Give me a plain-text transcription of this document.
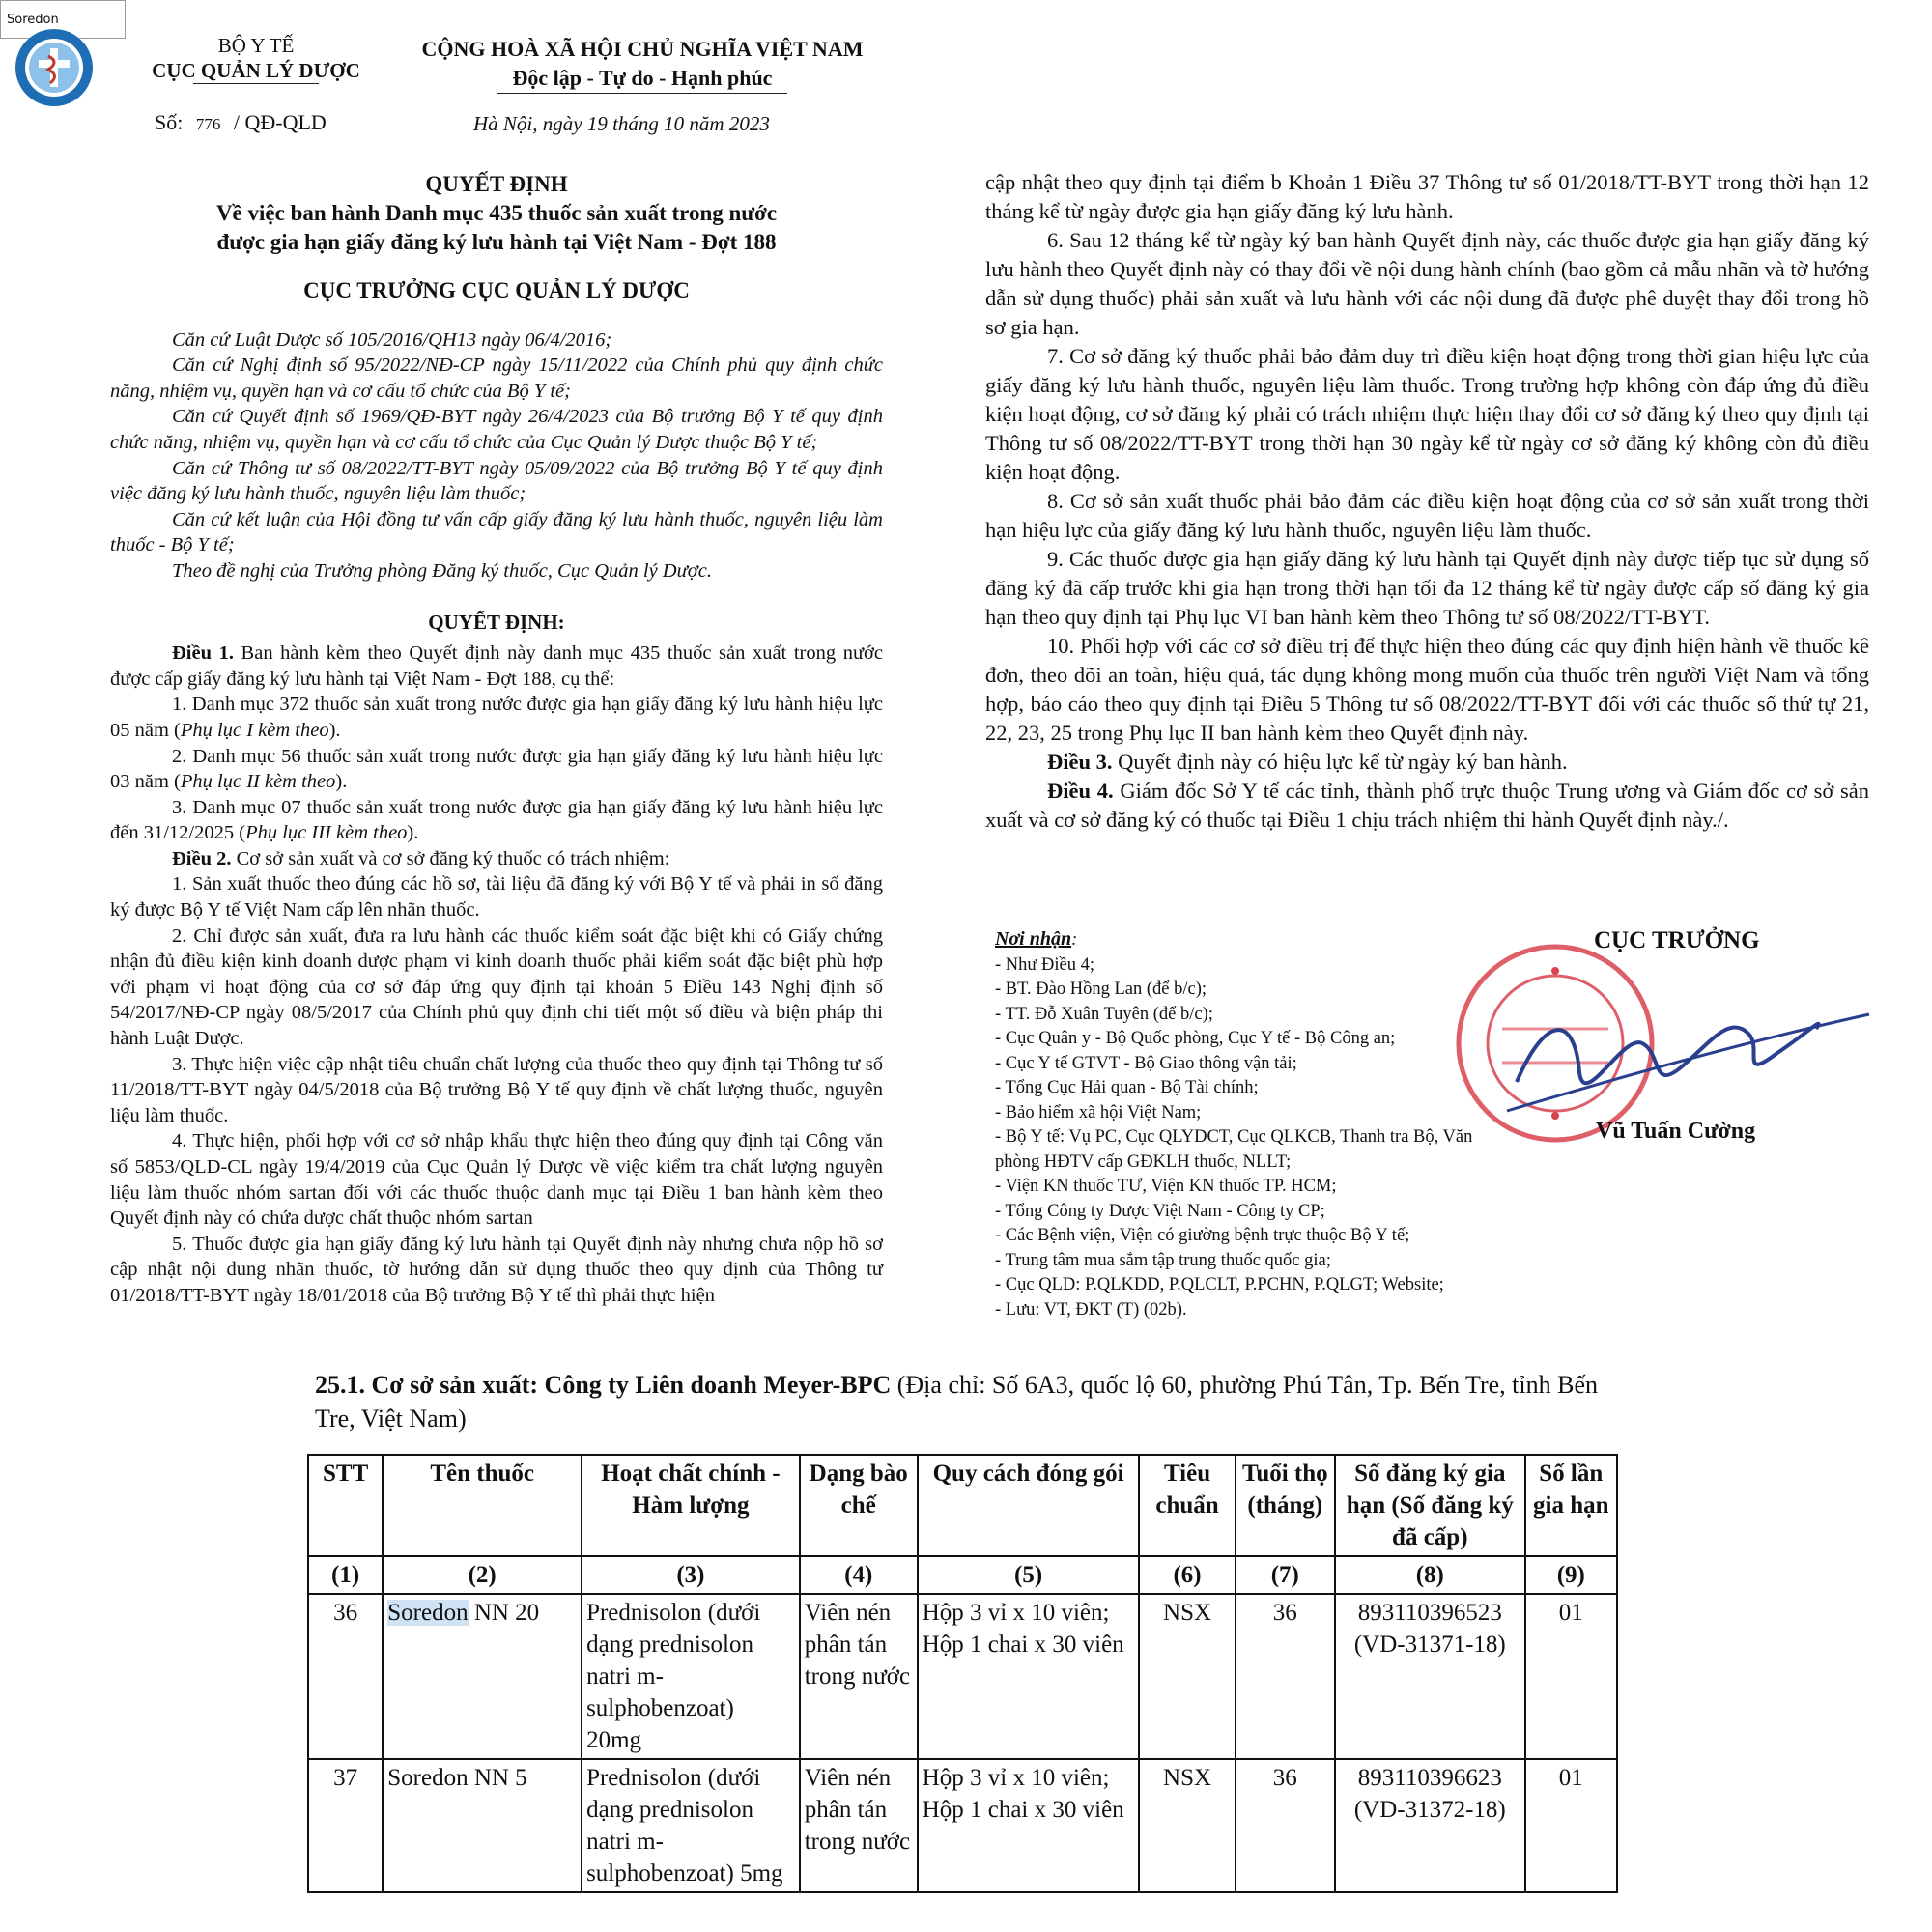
Soredon
BỘ Y TẾ
CỤC QUẢN LÝ DƯỢC
Số: 776 / QĐ-QLD
CỘNG HOÀ XÃ HỘI CHỦ NGHĨA VIỆT NAM
Độc lập - Tự do - Hạnh phúc
Hà Nội, ngày 19 tháng 10 năm 2023
QUYẾT ĐỊNH
Về việc ban hành Danh mục 435 thuốc sản xuất trong nước
được gia hạn giấy đăng ký lưu hành tại Việt Nam - Đợt 188
CỤC TRƯỞNG CỤC QUẢN LÝ DƯỢC

Căn cứ Luật Dược số 105/2016/QH13 ngày 06/4/2016;

Căn cứ Nghị định số 95/2022/NĐ-CP ngày 15/11/2022 của Chính phủ quy định chức năng, nhiệm vụ, quyền hạn và cơ cấu tổ chức của Bộ Y tế;

Căn cứ Quyết định số 1969/QĐ-BYT ngày 26/4/2023 của Bộ trưởng Bộ Y tế quy định chức năng, nhiệm vụ, quyền hạn và cơ cấu tổ chức của Cục Quản lý Dược thuộc Bộ Y tế;

Căn cứ Thông tư số 08/2022/TT-BYT ngày 05/09/2022 của Bộ trưởng Bộ Y tế quy định việc đăng ký lưu hành thuốc, nguyên liệu làm thuốc;

Căn cứ kết luận của Hội đồng tư vấn cấp giấy đăng ký lưu hành thuốc, nguyên liệu làm thuốc - Bộ Y tế;

Theo đề nghị của Trưởng phòng Đăng ký thuốc, Cục Quản lý Dược.

QUYẾT ĐỊNH:

Điều 1. Ban hành kèm theo Quyết định này danh mục 435 thuốc sản xuất trong nước được cấp giấy đăng ký lưu hành tại Việt Nam - Đợt 188, cụ thể:

1. Danh mục 372 thuốc sản xuất trong nước được gia hạn giấy đăng ký lưu hành hiệu lực 05 năm (Phụ lục I kèm theo).

2. Danh mục 56 thuốc sản xuất trong nước được gia hạn giấy đăng ký lưu hành hiệu lực 03 năm (Phụ lục II kèm theo).

3. Danh mục 07 thuốc sản xuất trong nước được gia hạn giấy đăng ký lưu hành hiệu lực đến 31/12/2025 (Phụ lục III kèm theo).

Điều 2. Cơ sở sản xuất và cơ sở đăng ký thuốc có trách nhiệm:

1. Sản xuất thuốc theo đúng các hồ sơ, tài liệu đã đăng ký với Bộ Y tế và phải in số đăng ký được Bộ Y tế Việt Nam cấp lên nhãn thuốc.

2. Chỉ được sản xuất, đưa ra lưu hành các thuốc kiểm soát đặc biệt khi có Giấy chứng nhận đủ điều kiện kinh doanh dược phạm vi kinh doanh thuốc phải kiểm soát đặc biệt phù hợp với phạm vi hoạt động của cơ sở đáp ứng quy định tại khoản 5 Điều 143 Nghị định số 54/2017/NĐ-CP ngày 08/5/2017 của Chính phủ quy định chi tiết một số điều và biện pháp thi hành Luật Dược.

3. Thực hiện việc cập nhật tiêu chuẩn chất lượng của thuốc theo quy định tại Thông tư số 11/2018/TT-BYT ngày 04/5/2018 của Bộ trưởng Bộ Y tế quy định về chất lượng thuốc, nguyên liệu làm thuốc.

4. Thực hiện, phối hợp với cơ sở nhập khẩu thực hiện theo đúng quy định tại Công văn số 5853/QLD-CL ngày 19/4/2019 của Cục Quản lý Dược về việc kiểm tra chất lượng nguyên liệu làm thuốc nhóm sartan đối với các thuốc thuộc danh mục tại Điều 1 ban hành kèm theo Quyết định này có chứa dược chất thuộc nhóm sartan

5. Thuốc được gia hạn giấy đăng ký lưu hành tại Quyết định này nhưng chưa nộp hồ sơ cập nhật nội dung nhãn thuốc, tờ hướng dẫn sử dụng thuốc theo quy định của Thông tư 01/2018/TT-BYT ngày 18/01/2018 của Bộ trưởng Bộ Y tế thì phải thực hiện

cập nhật theo quy định tại điểm b Khoản 1 Điều 37 Thông tư số 01/2018/TT-BYT trong thời hạn 12 tháng kể từ ngày được gia hạn giấy đăng ký lưu hành.

6. Sau 12 tháng kể từ ngày ký ban hành Quyết định này, các thuốc được gia hạn giấy đăng ký lưu hành theo Quyết định này có thay đổi về nội dung hành chính (bao gồm cả mẫu nhãn và tờ hướng dẫn sử dụng thuốc) phải sản xuất và lưu hành với các nội dung đã được phê duyệt thay đổi trong hồ sơ gia hạn.

7. Cơ sở đăng ký thuốc phải bảo đảm duy trì điều kiện hoạt động trong thời gian hiệu lực của giấy đăng ký lưu hành thuốc, nguyên liệu làm thuốc. Trong trường hợp không còn đáp ứng đủ điều kiện hoạt động, cơ sở đăng ký phải có trách nhiệm thực hiện thay đổi cơ sở đăng ký theo quy định tại Thông tư số 08/2022/TT-BYT trong thời hạn 30 ngày kể từ ngày cơ sở đăng ký không còn đủ điều kiện hoạt động.

8. Cơ sở sản xuất thuốc phải bảo đảm các điều kiện hoạt động của cơ sở sản xuất trong thời hạn hiệu lực của giấy đăng ký lưu hành thuốc, nguyên liệu làm thuốc.

9. Các thuốc được gia hạn giấy đăng ký lưu hành tại Quyết định này được tiếp tục sử dụng số đăng ký đã cấp trước khi gia hạn trong thời hạn tối đa 12 tháng kể từ ngày được cấp số đăng ký gia hạn theo quy định tại Phụ lục VI ban hành kèm theo Thông tư số 08/2022/TT-BYT.

10. Phối hợp với các cơ sở điều trị để thực hiện theo đúng các quy định hiện hành về thuốc kê đơn, theo dõi an toàn, hiệu quả, tác dụng không mong muốn của thuốc trên người Việt Nam và tổng hợp, báo cáo theo quy định tại Điều 5 Thông tư số 08/2022/TT-BYT đối với các thuốc số thứ tự 21, 22, 23, 25 trong Phụ lục II ban hành kèm theo Quyết định này.

Điều 3. Quyết định này có hiệu lực kể từ ngày ký ban hành.

Điều 4. Giám đốc Sở Y tế các tỉnh, thành phố trực thuộc Trung ương và Giám đốc cơ sở sản xuất và cơ sở đăng ký có thuốc tại Điều 1 chịu trách nhiệm thi hành Quyết định này./.

Nơi nhận:
- Như Điều 4;
- BT. Đào Hồng Lan (để b/c);
- TT. Đỗ Xuân Tuyên (để b/c);
- Cục Quân y - Bộ Quốc phòng, Cục Y tế - Bộ Công an;
- Cục Y tế GTVT - Bộ Giao thông vận tải;
- Tổng Cục Hải quan - Bộ Tài chính;
- Bảo hiểm xã hội Việt Nam;
- Bộ Y tế: Vụ PC, Cục QLYDCT, Cục QLKCB, Thanh tra Bộ, Văn phòng HĐTV cấp GĐKLH thuốc, NLLT;
- Viện KN thuốc TƯ, Viện KN thuốc TP. HCM;
- Tổng Công ty Dược Việt Nam - Công ty CP;
- Các Bệnh viện, Viện có giường bệnh trực thuộc Bộ Y tế;
- Trung tâm mua sắm tập trung thuốc quốc gia;
- Cục QLD: P.QLKDD, P.QLCLT, P.PCHN, P.QLGT; Website;
- Lưu: VT, ĐKT (T) (02b).
CỤC TRƯỞNG
Vũ Tuấn Cường
25.1. Cơ sở sản xuất: Công ty Liên doanh Meyer-BPC (Địa chỉ: Số 6A3, quốc lộ 60, phường Phú Tân, Tp. Bến Tre, tỉnh Bến Tre, Việt Nam)
STT	Tên thuốc	Hoạt chất chính - Hàm lượng	Dạng bào chế	Quy cách đóng gói	Tiêu chuẩn	Tuổi thọ (tháng)	Số đăng ký gia hạn (Số đăng ký đã cấp)	Số lần gia hạn
(1)	(2)	(3)	(4)	(5)	(6)	(7)	(8)	(9)
36	Soredon NN 20	Prednisolon (dưới dạng prednisolon natri m-sulphobenzoat) 20mg	Viên nén phân tán trong nước	Hộp 3 vỉ x 10 viên; Hộp 1 chai x 30 viên	NSX	36	893110396523 (VD-31371-18)	01
37	Soredon NN 5	Prednisolon (dưới dạng prednisolon natri m-sulphobenzoat) 5mg	Viên nén phân tán trong nước	Hộp 3 vỉ x 10 viên; Hộp 1 chai x 30 viên	NSX	36	893110396623 (VD-31372-18)	01
